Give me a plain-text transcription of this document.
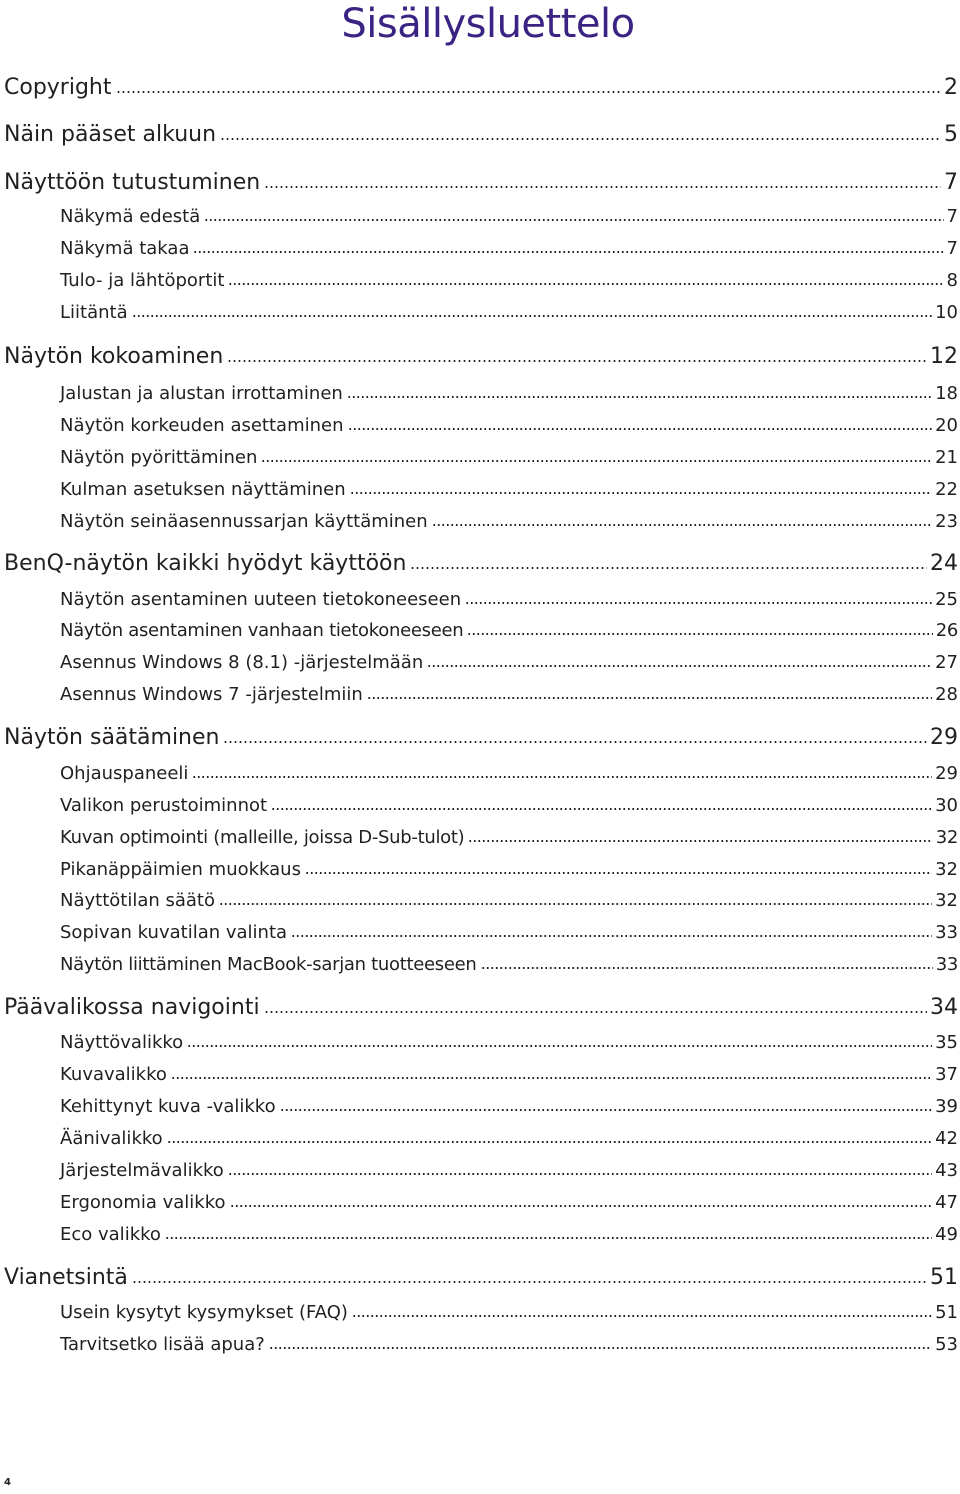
Sisällysluettelo
Copyright	2
Näin pääset alkuun	5
Näyttöön tutustuminen	7
Näkymä edestä	7
Näkymä takaa	7
Tulo- ja lähtöportit	8
Liitäntä	10
Näytön kokoaminen	12
Jalustan ja alustan irrottaminen	18
Näytön korkeuden asettaminen	20
Näytön pyörittäminen	21
Kulman asetuksen näyttäminen	22
Näytön seinäasennussarjan käyttäminen	23
BenQ-näytön kaikki hyödyt käyttöön	24
Näytön asentaminen uuteen tietokoneeseen	25
Näytön asentaminen vanhaan tietokoneeseen	26
Asennus Windows 8 (8.1) -järjestelmään	27
Asennus Windows 7 -järjestelmiin	28
Näytön säätäminen	29
Ohjauspaneeli	29
Valikon perustoiminnot	30
Kuvan optimointi (malleille, joissa D-Sub-tulot)	32
Pikanäppäimien muokkaus	32
Näyttötilan säätö	32
Sopivan kuvatilan valinta	33
Näytön liittäminen MacBook-sarjan tuotteeseen	33
Päävalikossa navigointi	34
Näyttövalikko	35
Kuvavalikko	37
Kehittynyt kuva -valikko	39
Äänivalikko	42
Järjestelmävalikko	43
Ergonomia valikko	47
Eco valikko	49
Vianetsintä	51
Usein kysytyt kysymykset (FAQ)	51
Tarvitsetko lisää apua?	53
4
